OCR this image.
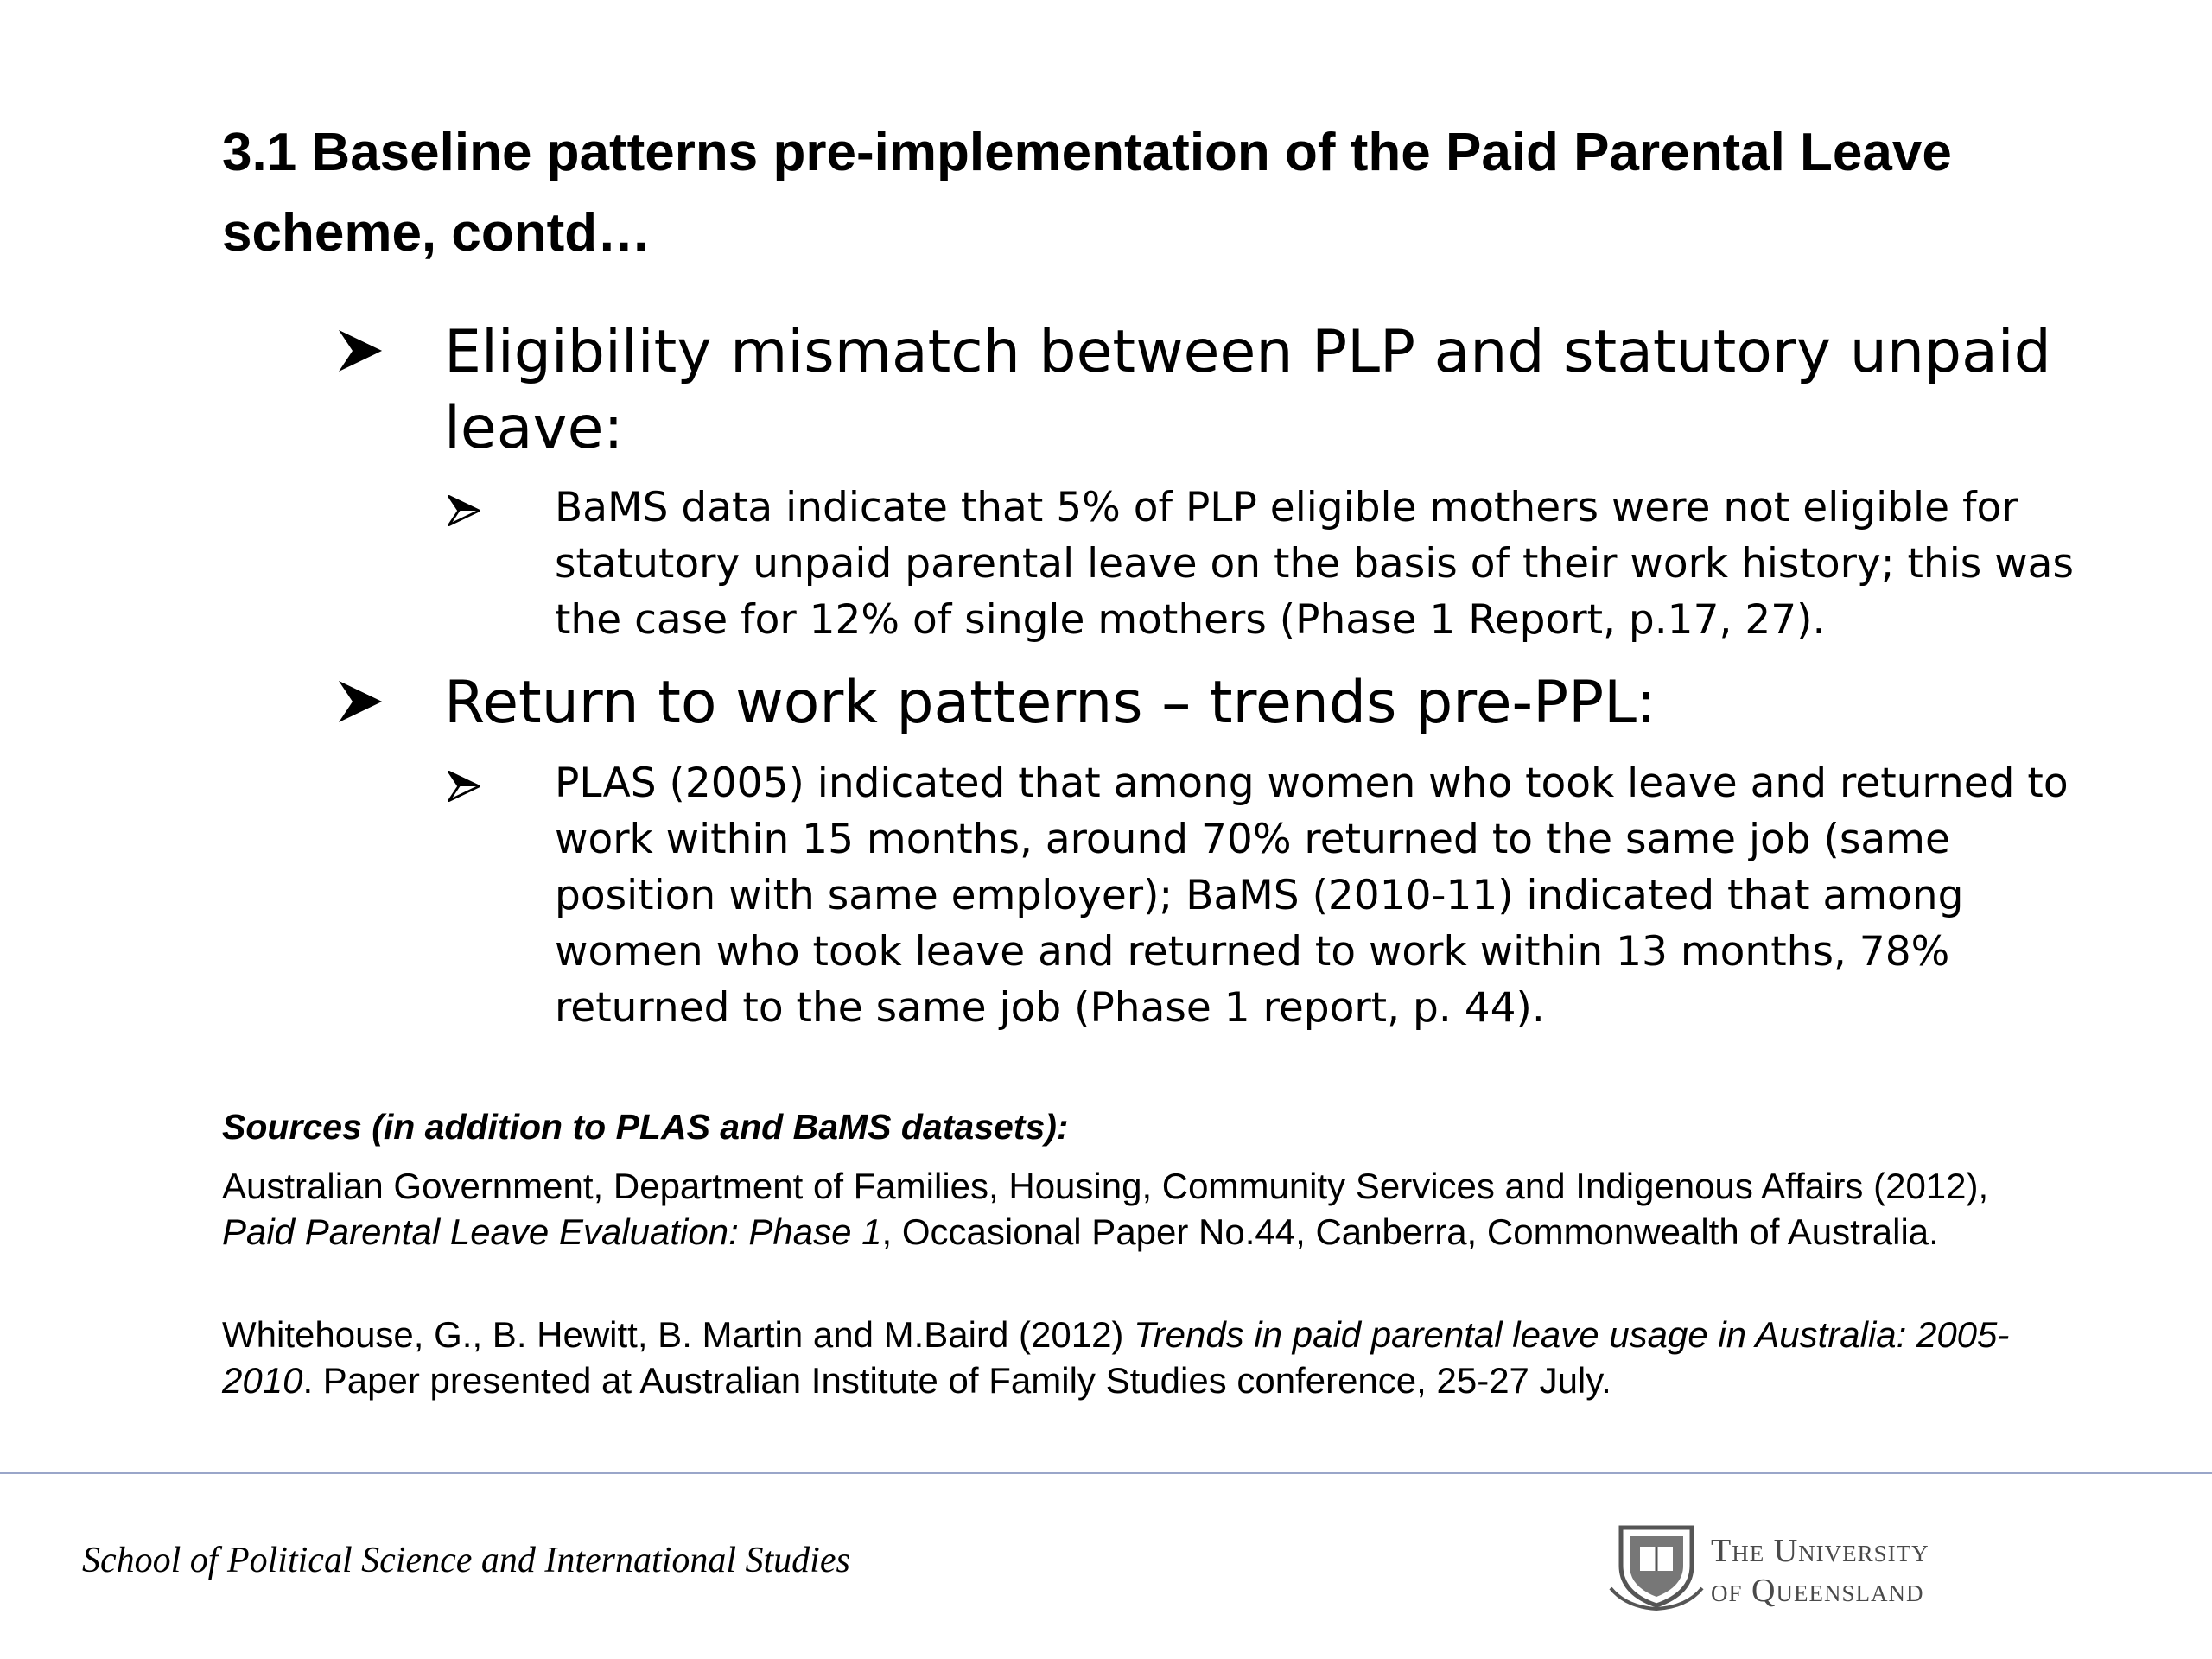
3.1 Baseline patterns pre-implementation of the Paid Parental Leave scheme, contd…
Eligibility mismatch between PLP and statutory unpaid leave:
BaMS data indicate that 5% of PLP eligible mothers were not eligible for statutory unpaid parental leave on the basis of their work history; this was the case for 12% of single mothers (Phase 1 Report, p.17, 27).
Return to work patterns – trends pre-PPL:
PLAS (2005) indicated that among women who took leave and returned to work within 15 months, around 70% returned to the same job (same position with same employer); BaMS (2010-11) indicated that among women who took leave and returned to work within 13 months, 78% returned to the same job (Phase 1 report, p. 44).
Sources (in addition to PLAS and BaMS datasets):
Australian Government, Department of Families, Housing, Community Services and Indigenous Affairs (2012), Paid Parental Leave Evaluation: Phase 1, Occasional Paper No.44, Canberra, Commonwealth of Australia.
Whitehouse, G., B. Hewitt, B. Martin and M.Baird (2012) Trends in paid parental leave usage in Australia: 2005-2010. Paper presented at Australian Institute of Family Studies conference, 25-27 July.
School of Political Science and International Studies	The University
of Queensland
